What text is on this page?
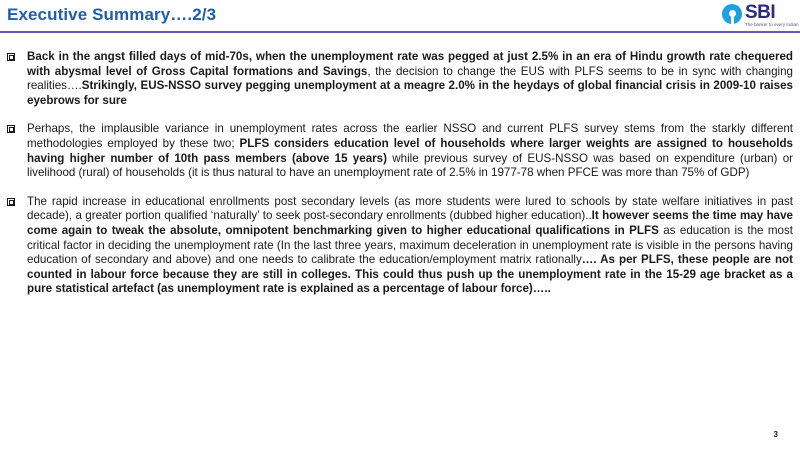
Executive Summary….2/3	SBI
The banker to every Indian
Back in the angst filled days of mid-70s, when the unemployment rate was pegged at just 2.5% in an era of Hindu growth rate chequered with abysmal level of Gross Capital formations and Savings, the decision to change the EUS with PLFS seems to be in sync with changing realities….Strikingly, EUS-NSSO survey pegging unemployment at a meagre 2.0% in the heydays of global financial crisis in 2009-10 raises eyebrows for sure
Perhaps, the implausible variance in unemployment rates across the earlier NSSO and current PLFS survey stems from the starkly different methodologies employed by these two; PLFS considers education level of households where larger weights are assigned to households having higher number of 10th pass members (above 15 years) while previous survey of EUS-NSSO was based on expenditure (urban) or livelihood (rural) of households (it is thus natural to have an unemployment rate of 2.5% in 1977-78 when PFCE was more than 75% of GDP)
The rapid increase in educational enrollments post secondary levels (as more students were lured to schools by state welfare initiatives in past decade), a greater portion qualified ‘naturally’ to seek post-secondary enrollments (dubbed higher education)..It however seems the time may have come again to tweak the absolute, omnipotent benchmarking given to higher educational qualifications in PLFS as education is the most critical factor in deciding the unemployment rate (In the last three years, maximum deceleration in unemployment rate is visible in the persons having education of secondary and above) and one needs to calibrate the education/employment matrix rationally…. As per PLFS, these people are not counted in labour force because they are still in colleges. This could thus push up the unemployment rate in the 15-29 age bracket as a pure statistical artefact (as unemployment rate is explained as a percentage of labour force)…..
3
